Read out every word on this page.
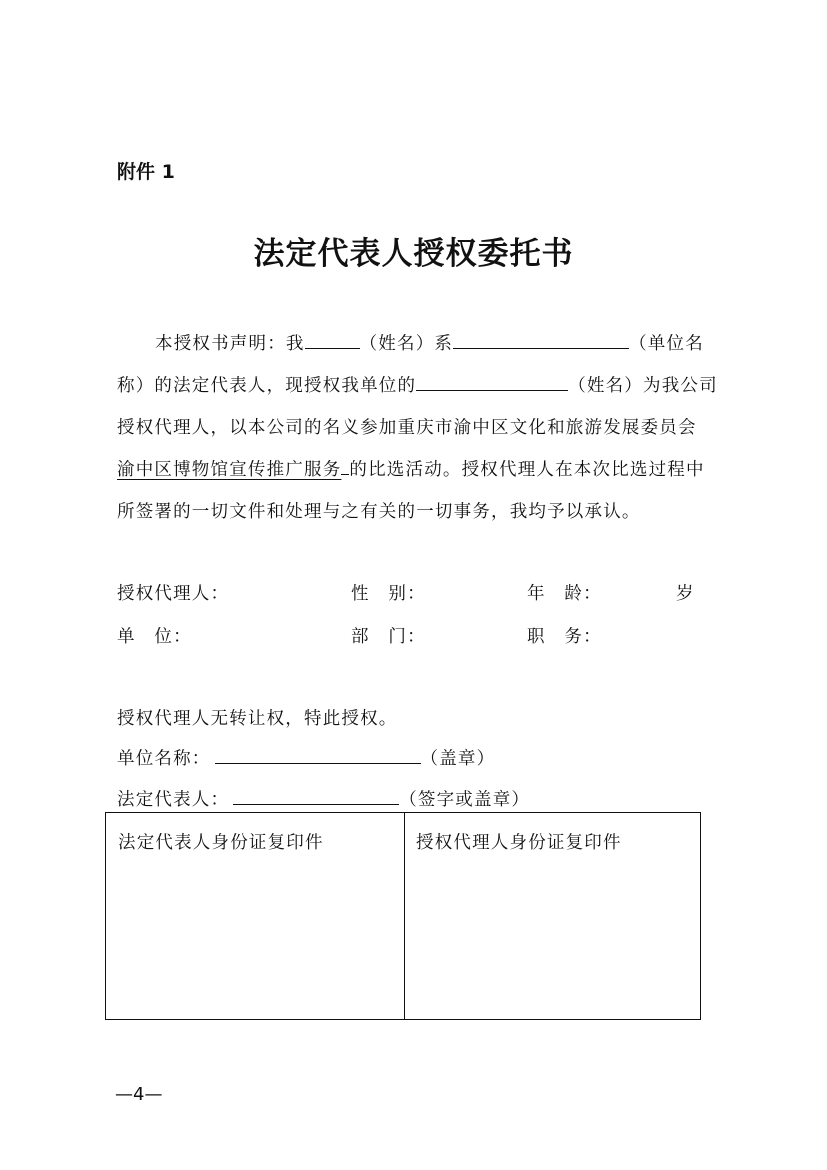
附件 1
法定代表人授权委托书
本授权书声明：我	（姓名）系	（单位名
称）的法定代表人，现授权我单位的	（姓名）为我公司
授权代理人，以本公司的名义参加重庆市渝中区文化和旅游发展委员会
渝中区博物馆宣传推广服务 的比选活动。授权代理人在本次比选过程中
所签署的一切文件和处理与之有关的一切事务，我均予以承认。
授权代理人：	性　别：	年　龄：	岁
单　位：	部　门：	职　务：
授权代理人无转让权，特此授权。
单位名称：	（盖章）
法定代表人：	（签字或盖章）
法定代表人身份证复印件	授权代理人身份证复印件
—4—
